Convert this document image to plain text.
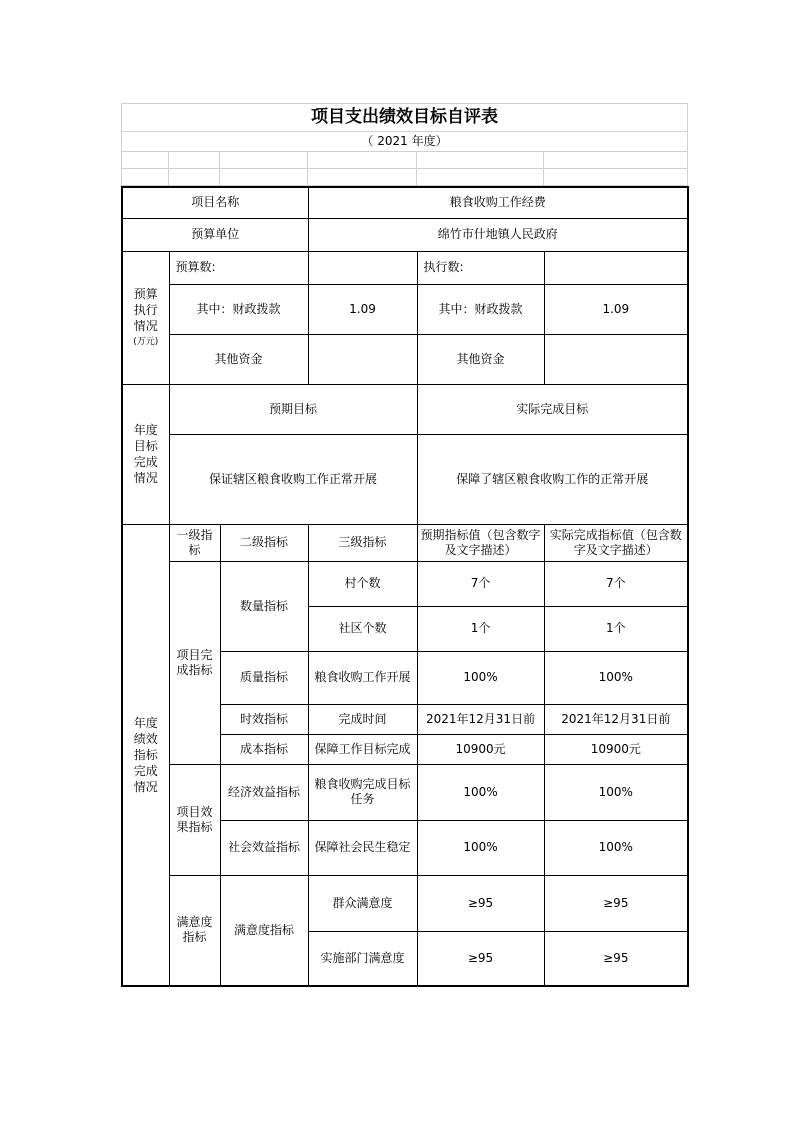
项目支出绩效目标自评表					
（ 2021 年度）					

项目名称			粮食收购工作经费		
预算单位			绵竹市什地镇人民政府		

预算
执行
情况
(万元)	预算数:			执行数:	
	其中：财政拨款		1.09	其中：财政拨款	1.09
	其他资金			其他资金	

年度
目标
完成
情况	预期目标			实际完成目标	
	保证辖区粮食收购工作正常开展			保障了辖区粮食收购工作的正常开展	

年度
绩效
指标
完成
情况	一级指标	二级指标	三级指标	预期指标值（包含数字及文字描述）	实际完成指标值（包含数字及文字描述）
	项目完成指标	数量指标	村个数	7个	7个
			社区个数	1个	1个
		质量指标	粮食收购工作开展	100%	100%
		时效指标	完成时间	2021年12月31日前	2021年12月31日前
		成本指标	保障工作目标完成	10900元	10900元
	项目效果指标	经济效益指标	粮食收购完成目标任务	100%	100%
		社会效益指标	保障社会民生稳定	100%	100%
	满意度指标	满意度指标	群众满意度	≥95	≥95
			实施部门满意度	≥95	≥95
